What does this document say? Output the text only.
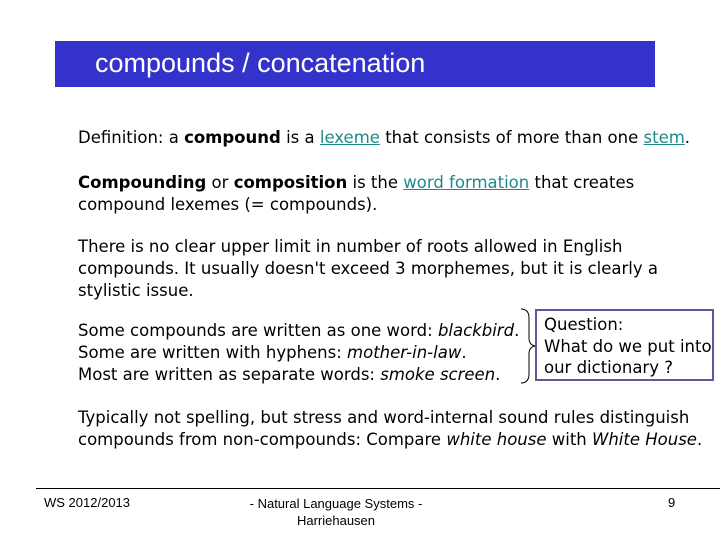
compounds / concatenation
Definition: a compound is a lexeme that consists of more than one stem.
Compounding or composition is the word formation that creates
compound lexemes (= compounds).
There is no clear upper limit in number of roots allowed in English
compounds. It usually doesn't exceed 3 morphemes, but it is clearly a
stylistic issue.
Some compounds are written as one word: blackbird.
Some are written with hyphens: mother-in-law.
Most are written as separate words: smoke screen.
Question:
What do we put into
our dictionary ?
Typically not spelling, but stress and word-internal sound rules distinguish
compounds from non-compounds: Compare white house with White House.
WS 2012/2013	- Natural Language Systems -
Harriehausen
9
